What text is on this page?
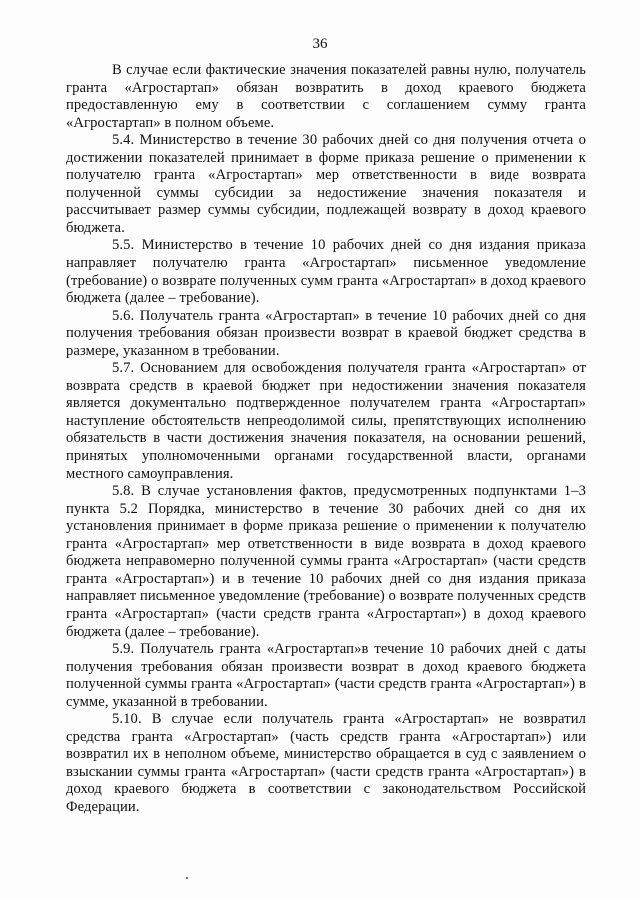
36

В случае если фактические значения показателей равны нулю, получатель гранта «Агростартап» обязан возвратить в доход краевого бюджета предоставленную ему в соответствии с соглашением сумму гранта «Агростартап» в полном объеме.

5.4. Министерство в течение 30 рабочих дней со дня получения отчета о достижении показателей принимает в форме приказа решение о применении к получателю гранта «Агростартап» мер ответственности в виде возврата полученной суммы субсидии за недостижение значения показателя и рассчитывает размер суммы субсидии, подлежащей возврату в доход краевого бюджета.

5.5. Министерство в течение 10 рабочих дней со дня издания приказа направляет получателю гранта «Агростартап» письменное уведомление (требование) о возврате полученных сумм гранта «Агростартап» в доход краевого бюджета (далее – требование).

5.6. Получатель гранта «Агростартап» в течение 10 рабочих дней со дня получения требования обязан произвести возврат в краевой бюджет средства в размере, указанном в требовании.

5.7. Основанием для освобождения получателя гранта «Агростартап» от возврата средств в краевой бюджет при недостижении значения показателя является документально подтвержденное получателем гранта «Агростартап» наступление обстоятельств непреодолимой силы, препятствующих исполнению обязательств в части достижения значения показателя, на основании решений, принятых уполномоченными органами государственной власти, органами местного самоуправления.

5.8. В случае установления фактов, предусмотренных подпунктами 1–3 пункта 5.2 Порядка, министерство в течение 30 рабочих дней со дня их установления принимает в форме приказа решение о применении к получателю гранта «Агростартап» мер ответственности в виде возврата в доход краевого бюджета неправомерно полученной суммы гранта «Агростартап» (части средств гранта «Агростартап») и в течение 10 рабочих дней со дня издания приказа направляет письменное уведомление (требование) о возврате полученных средств гранта «Агростартап» (части средств гранта «Агростартап») в доход краевого бюджета (далее – требование).

5.9. Получатель гранта «Агростартап»в течение 10 рабочих дней с даты получения требования обязан произвести возврат в доход краевого бюджета полученной суммы гранта «Агростартап» (части средств гранта «Агростартап») в сумме, указанной в требовании.

5.10. В случае если получатель гранта «Агростартап» не возвратил средства гранта «Агростартап» (часть средств гранта «Агростартап») или возвратил их в неполном объеме, министерство обращается в суд с заявлением о взыскании суммы гранта «Агростартап» (части средств гранта «Агростартап») в доход краевого бюджета в соответствии с законодательством Российской Федерации.
